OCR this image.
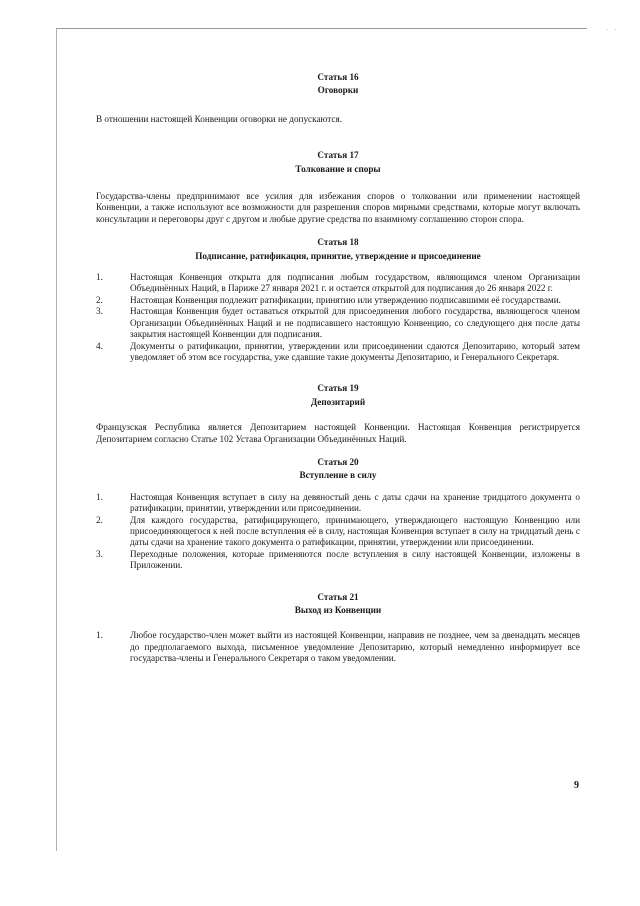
· ·

Статья 16

Оговорки

В отношении настоящей Конвенции оговорки не допускаются.

Статья 17

Толкование и споры

Государства-члены предпринимают все усилия для избежания споров о толковании или применении настоящей Конвенции, а также используют все возможности для разрешения споров мирными средствами, которые могут включать консультации и переговоры друг с другом и любые другие средства по взаимному соглашению сторон спора.

Статья 18

Подписание, ратификация, принятие, утверждение и присоединение

1.	Настоящая Конвенция открыта для подписания любым государством, являющимся членом Организации Объединённых Наций, в Париже 27 января 2021 г. и остается открытой для подписания до 26 января 2022 г.
2.	Настоящая Конвенция подлежит ратификации, принятию или утверждению подписавшими её государствами.
3.	Настоящая Конвенция будет оставаться открытой для присоединения любого государства, являющегося членом Организации Объединённых Наций и не подписавшего настоящую Конвенцию, со следующего дня после даты закрытия настоящей Конвенции для подписания.
4.	Документы о ратификации, принятии, утверждении или присоединении сдаются Депозитарию, который затем уведомляет об этом все государства, уже сдавшие такие документы Депозитарию, и Генерального Секретаря.

Статья 19

Депозитарий

Французская Республика является Депозитарием настоящей Конвенции. Настоящая Конвенция регистрируется Депозитарием согласно Статье 102 Устава Организации Объединённых Наций.

Статья 20

Вступление в силу

1.	Настоящая Конвенция вступает в силу на девяностый день с даты сдачи на хранение тридцатого документа о ратификации, принятии, утверждении или присоединении.
2.	Для каждого государства, ратифицирующего, принимающего, утверждающего настоящую Конвенцию или присоединяющегося к ней после вступления её в силу, настоящая Конвенция вступает в силу на тридцатый день с даты сдачи на хранение такого документа о ратификации, принятии, утверждении или присоединении.
3.	Переходные положения, которые применяются после вступления в силу настоящей Конвенции, изложены в Приложении.

Статья 21

Выход из Конвенции

1.	Любое государство-член может выйти из настоящей Конвенции, направив не позднее, чем за двенадцать месяцев до предполагаемого выхода, письменное уведомление Депозитарию, который немедленно информирует все государства-члены и Генерального Секретаря о таком уведомлении.
9
